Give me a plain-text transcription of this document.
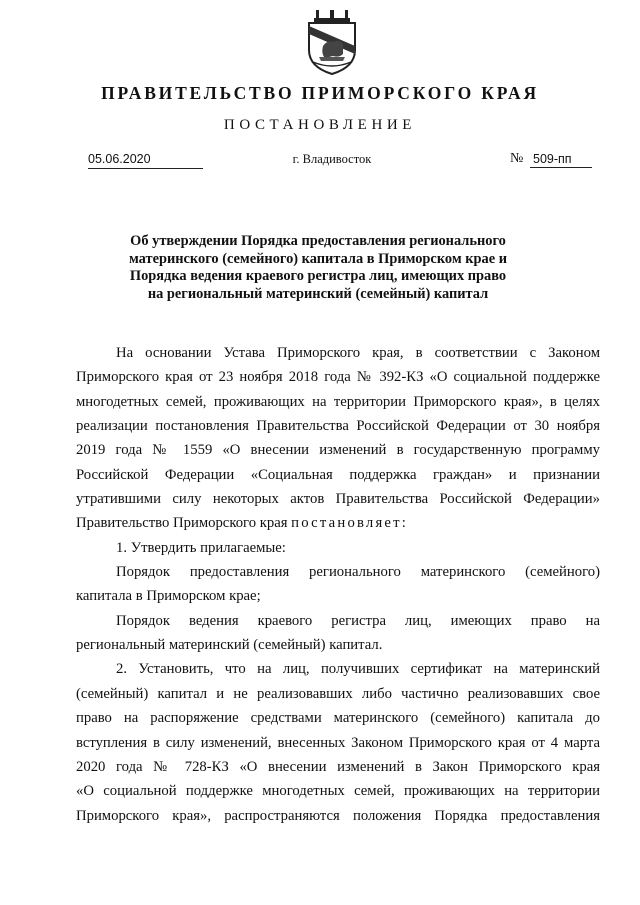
ПРАВИТЕЛЬСТВО ПРИМОРСКОГО КРАЯ
ПОСТАНОВЛЕНИЕ
05.06.2020	г. Владивосток	№ 509-пп
Об утверждении Порядка предоставления регионального
материнского (семейного) капитала в Приморском крае и
Порядка ведения краевого регистра лиц, имеющих право
на региональный материнский (семейный) капитал
На основании Устава Приморского края, в соответствии с Законом
Приморского края от 23 ноября 2018 года № 392-КЗ «О социальной поддержке
многодетных семей, проживающих на территории Приморского края», в целях
реализации постановления Правительства Российской Федерации от 30 ноября
2019 года № 1559 «О внесении изменений в государственную программу
Российской Федерации «Социальная поддержка граждан» и признании
утратившими силу некоторых актов Правительства Российской Федерации»
Правительство Приморского края постановляет:
1. Утвердить прилагаемые:
Порядок предоставления регионального материнского (семейного)
капитала в Приморском крае;
Порядок ведения краевого регистра лиц, имеющих право на
региональный материнский (семейный) капитал.
2. Установить, что на лиц, получивших сертификат на материнский
(семейный) капитал и не реализовавших либо частично реализовавших свое
право на распоряжение средствами материнского (семейного) капитала до
вступления в силу изменений, внесенных Законом Приморского края от 4 марта
2020 года № 728-КЗ «О внесении изменений в Закон Приморского края
«О социальной поддержке многодетных семей, проживающих на территории
Приморского края», распространяются положения Порядка предоставления
